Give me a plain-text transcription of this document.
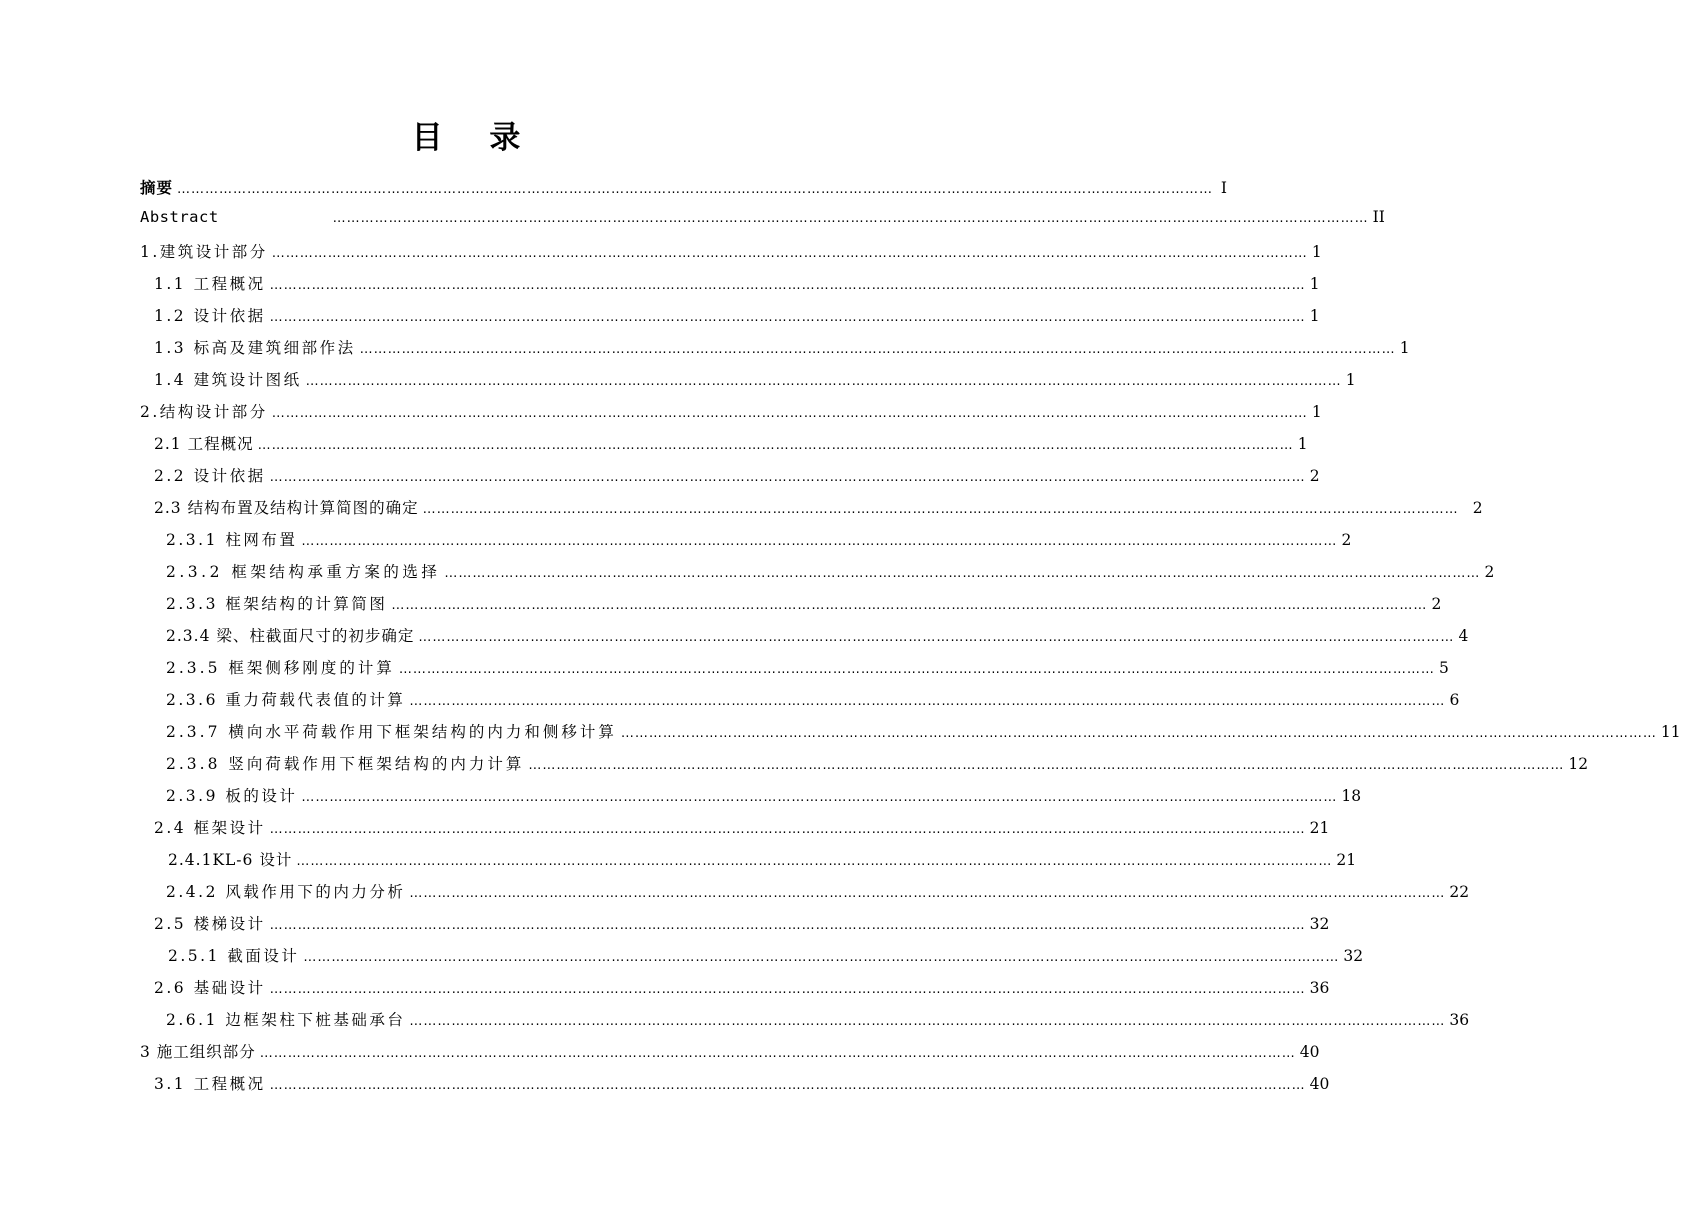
目 录
摘要 …………………………………………………………………………………………………………………………………………………………………………………………………… I
Abstract	…………………………………………………………………………………………………………………………………………………………………………………………………… II
1.建筑设计部分 …………………………………………………………………………………………………………………………………………………………………………………………………… 1
1.1 工程概况 …………………………………………………………………………………………………………………………………………………………………………………………………… 1
1.2 设计依据 …………………………………………………………………………………………………………………………………………………………………………………………………… 1
1.3 标高及建筑细部作法 …………………………………………………………………………………………………………………………………………………………………………………………………… 1
1.4 建筑设计图纸 …………………………………………………………………………………………………………………………………………………………………………………………………… 1
2.结构设计部分 …………………………………………………………………………………………………………………………………………………………………………………………………… 1
2.1 工程概况 …………………………………………………………………………………………………………………………………………………………………………………………………… 1
2.2 设计依据 …………………………………………………………………………………………………………………………………………………………………………………………………… 2
2.3 结构布置及结构计算简图的确定 …………………………………………………………………………………………………………………………………………………………………………………………………… 2
2.3.1 柱网布置 …………………………………………………………………………………………………………………………………………………………………………………………………… 2
2.3.2 框架结构承重方案的选择 …………………………………………………………………………………………………………………………………………………………………………………………………… 2
2.3.3 框架结构的计算简图 …………………………………………………………………………………………………………………………………………………………………………………………………… 2
2.3.4 梁、柱截面尺寸的初步确定 …………………………………………………………………………………………………………………………………………………………………………………………………… 4
2.3.5 框架侧移刚度的计算 …………………………………………………………………………………………………………………………………………………………………………………………………… 5
2.3.6 重力荷载代表值的计算 …………………………………………………………………………………………………………………………………………………………………………………………………… 6
2.3.7 横向水平荷载作用下框架结构的内力和侧移计算 …………………………………………………………………………………………………………………………………………………………………………………………………… 11
2.3.8 竖向荷载作用下框架结构的内力计算 …………………………………………………………………………………………………………………………………………………………………………………………………… 12
2.3.9 板的设计 …………………………………………………………………………………………………………………………………………………………………………………………………… 18
2.4 框架设计 …………………………………………………………………………………………………………………………………………………………………………………………………… 21
2.4.1KL-6 设计 …………………………………………………………………………………………………………………………………………………………………………………………………… 21
2.4.2 风载作用下的内力分析 …………………………………………………………………………………………………………………………………………………………………………………………………… 22
2.5 楼梯设计 …………………………………………………………………………………………………………………………………………………………………………………………………… 32
2.5.1 截面设计 …………………………………………………………………………………………………………………………………………………………………………………………………… 32
2.6 基础设计 …………………………………………………………………………………………………………………………………………………………………………………………………… 36
2.6.1 边框架柱下桩基础承台 …………………………………………………………………………………………………………………………………………………………………………………………………… 36
3 施工组织部分 …………………………………………………………………………………………………………………………………………………………………………………………………… 40
3.1 工程概况 …………………………………………………………………………………………………………………………………………………………………………………………………… 40
